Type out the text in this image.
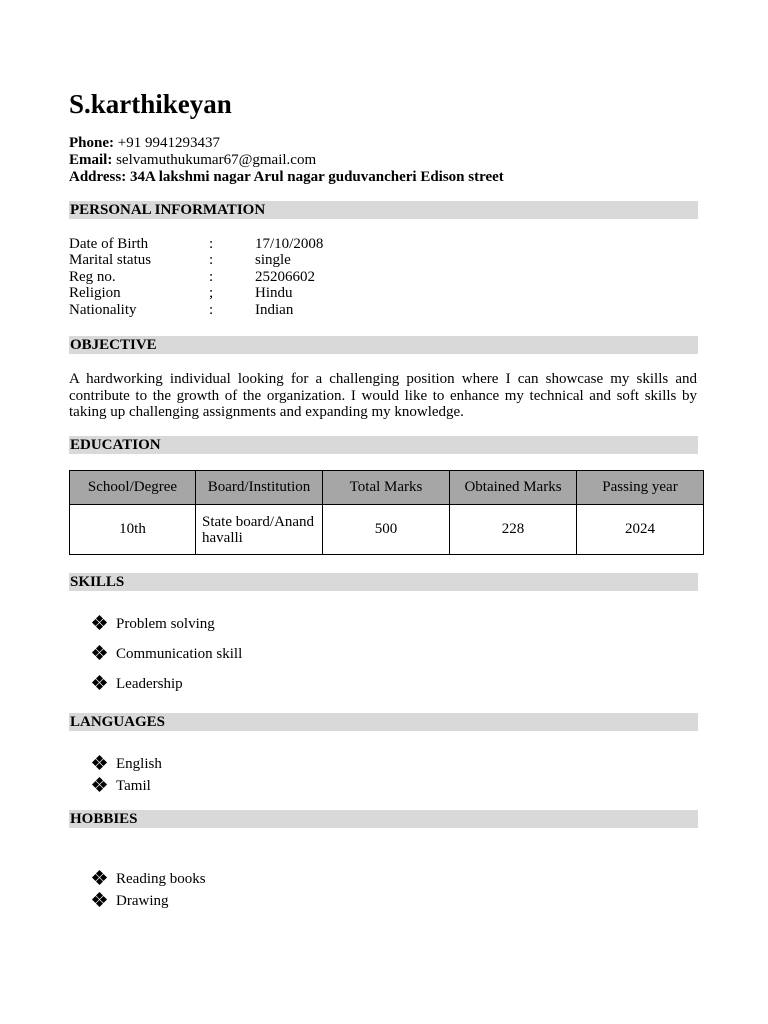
S.karthikeyan
Phone: +91 9941293437
Email: selvamuthukumar67@gmail.com
Address: 34A lakshmi nagar Arul nagar guduvancheri Edison street
PERSONAL INFORMATION
Date of Birth	:	17/10/2008
Marital status	:	single
Reg no.	:	25206602
Religion	;	Hindu
Nationality	:	Indian
OBJECTIVE

A hardworking individual looking for a challenging position where I can showcase my skills and contribute to the growth of the organization. I would like to enhance my technical and soft skills by taking up challenging assignments and expanding my knowledge.

EDUCATION
School/Degree	Board/Institution	Total Marks	Obtained Marks	Passing year
10th	State board/Anandhavalli	500	228	2024
SKILLS
Problem solving
Communication skill
Leadership
LANGUAGES
English
Tamil
HOBBIES
Reading books
Drawing
